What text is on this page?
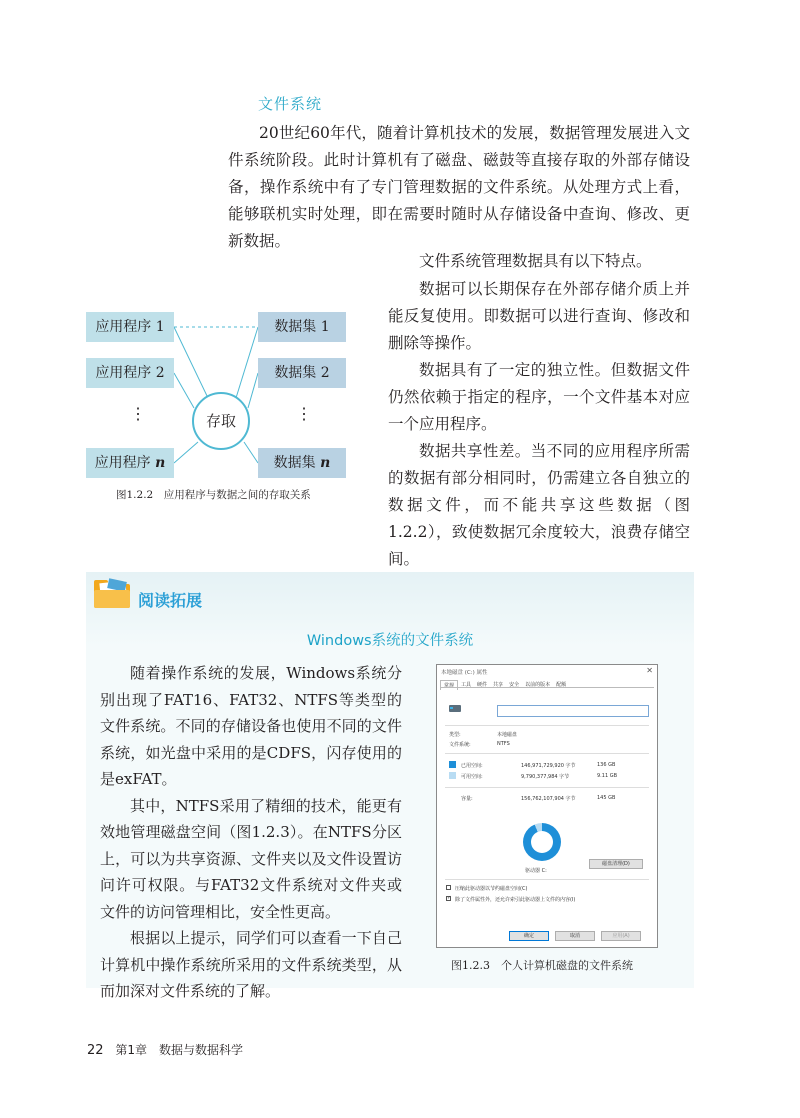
文件系统

20世纪60年代，随着计算机技术的发展，数据管理发展进入文件系统阶段。此时计算机有了磁盘、磁鼓等直接存取的外部存储设备，操作系统中有了专门管理数据的文件系统。从处理方式上看，能够联机实时处理，即在需要时随时从存储设备中查询、修改、更新数据。

文件系统管理数据具有以下特点。

数据可以长期保存在外部存储介质上并能反复使用。即数据可以进行查询、修改和删除等操作。

数据具有了一定的独立性。但数据文件仍然依赖于指定的程序，一个文件基本对应一个应用程序。

数据共享性差。当不同的应用程序所需的数据有部分相同时，仍需建立各自独立的数据文件，而不能共享这些数据（图1.2.2），致使数据冗余度较大，浪费存储空间。

应用程序 1
应用程序 2
⋮
应用程序 n
数据集 1
数据集 2
⋮
数据集 n
存取
图1.2.2　应用程序与数据之间的存取关系
阅读拓展
Windows系统的文件系统

随着操作系统的发展，Windows系统分别出现了FAT16、FAT32、NTFS等类型的文件系统。不同的存储设备也使用不同的文件系统，如光盘中采用的是CDFS，闪存使用的是exFAT。

其中，NTFS采用了精细的技术，能更有效地管理磁盘空间（图1.2.3）。在NTFS分区上，可以为共享资源、文件夹以及文件设置访问许可权限。与FAT32文件系统对文件夹或文件的访问管理相比，安全性更高。

根据以上提示，同学们可以查看一下自己计算机中操作系统所采用的文件系统类型，从而加深对文件系统的了解。

本地磁盘 (C:) 属性	✕
常规	工具	硬件	共享	安全	以前的版本	配额
类型:	本地磁盘
文件系统:	NTFS
已用空间:	146,971,729,920 字节	136 GB
可用空间:	9,790,377,984 字节	9.11 GB
容量:	156,762,107,904 字节	145 GB
驱动器 C:
磁盘清理(D)
压缩此驱动器以节约磁盘空间(C)
✓
除了文件属性外，还允许索引此驱动器上文件的内容(I)
确定	取消	应用(A)
图1.2.3　个人计算机磁盘的文件系统
22 第1章　数据与数据科学
